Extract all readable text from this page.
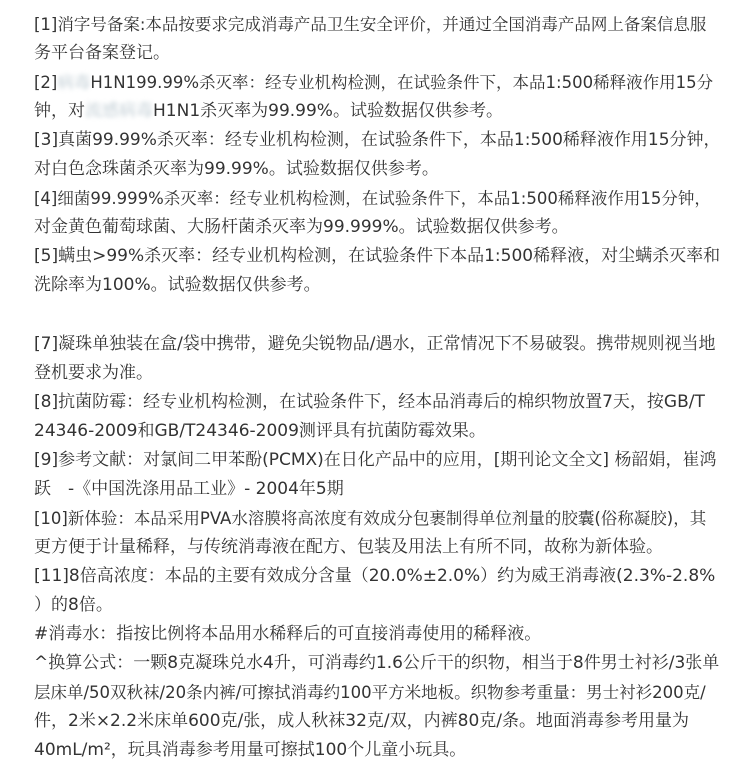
[1]消字号备案:本品按要求完成消毒产品卫生安全评价，并通过全国消毒产品网上备案信息服
务平台备案登记。
[2]病毒H1N199.99%杀灭率：经专业机构检测，在试验条件下，本品1:500稀释液作用15分
钟，对流感病毒H1N1杀灭率为99.99%。试验数据仅供参考。
[3]真菌99.99%杀灭率：经专业机构检测，在试验条件下，本品1:500稀释液作用15分钟，
对白色念珠菌杀灭率为99.99%。试验数据仅供参考。
[4]细菌99.999%杀灭率：经专业机构检测，在试验条件下，本品1:500稀释液作用15分钟，
对金黄色葡萄球菌、大肠杆菌杀灭率为99.999%。试验数据仅供参考。
[5]螨虫>99%杀灭率：经专业机构检测，在试验条件下本品1:500稀释液，对尘螨杀灭率和
洗除率为100%。试验数据仅供参考。
[7]凝珠单独装在盒/袋中携带，避免尖锐物品/遇水，正常情况下不易破裂。携带规则视当地
登机要求为准。
[8]抗菌防霉：经专业机构检测，在试验条件下，经本品消毒后的棉织物放置7天，按GB/T
24346-2009和GB/T24346-2009测评具有抗菌防霉效果。
[9]参考文献：对氯间二甲苯酚(PCMX)在日化产品中的应用，[期刊论文全文] 杨韶娟，崔鸿
跃　-《中国洗涤用品工业》- 2004年5期
[10]新体验：本品采用PVA水溶膜将高浓度有效成分包裹制得单位剂量的胶囊(俗称凝胶)，其
更方便于计量稀释，与传统消毒液在配方、包装及用法上有所不同，故称为新体验。
[11]8倍高浓度：本品的主要有效成分含量（20.0%±2.0%）约为威王消毒液(2.3%-2.8%
）的8倍。
#消毒水：指按比例将本品用水稀释后的可直接消毒使用的稀释液。
^换算公式：一颗8克凝珠兑水4升，可消毒约1.6公斤干的织物，相当于8件男士衬衫/3张单
层床单/50双秋袜/20条内裤/可擦拭消毒约100平方米地板。织物参考重量：男士衬衫200克/
件，2米×2.2米床单600克/张，成人秋袜32克/双，内裤80克/条。地面消毒参考用量为
40mL/m²，玩具消毒参考用量可擦拭100个儿童小玩具。
